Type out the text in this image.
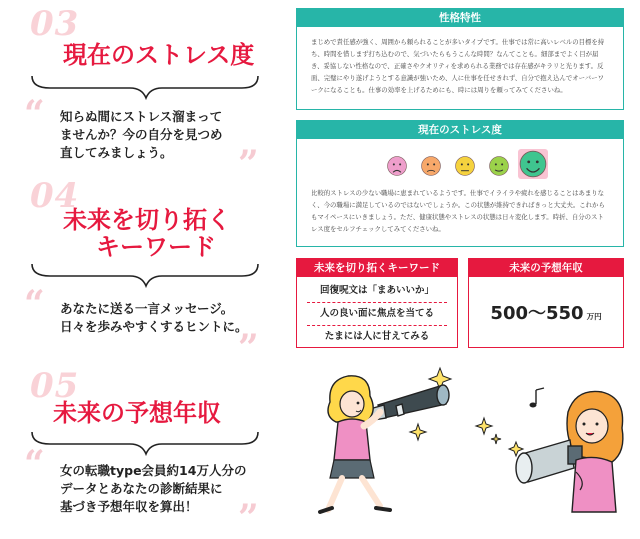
03
現在のストレス度
“ 知らぬ間にストレス溜まって
ませんか？今の自分を見つめ
直してみましょう。	”
04
未来を切り拓く
キーワード
“ あなたに送る一言メッセージ。
日々を歩みやすくするヒントに。
”
05
未来の予想年収
“ 女の転職type会員約14万人分の
データとあなたの診断結果に
基づき予想年収を算出！	”
性格特性
まじめで責任感が強く、周囲から頼られることが多いタイプです。仕事では常に高いレベルの目標を持ち、時間を惜しまず打ち込むので、気づいたらもうこんな時間？なんてことも。細部までよく目が届き、妥協しない性格なので、正確さやクオリティを求められる業務では存在感がキラリと光ります。反面、完璧にやり遂げようとする意識が強いため、人に仕事を任せきれず、自分で抱え込んでオーバーワークになることも。仕事の効率を上げるためにも、時には周りを頼ってみてくださいね。
現在のストレス度
比較的ストレスの少ない職場に恵まれているようです。仕事でイライラや疲れを感じることはあまりなく、今の職場に満足しているのではないでしょうか。この状態が維持できればきっと大丈夫。これからもマイペースにいきましょう。ただ、健康状態やストレスの状態は日々変化します。時折、自分のストレス度をセルフチェックしてみてくださいね。
未来を切り拓くキーワード
回復呪文は「まあいいか」
人の良い面に焦点を当てる
たまには人に甘えてみる
未来の予想年収
500〜550 万円
